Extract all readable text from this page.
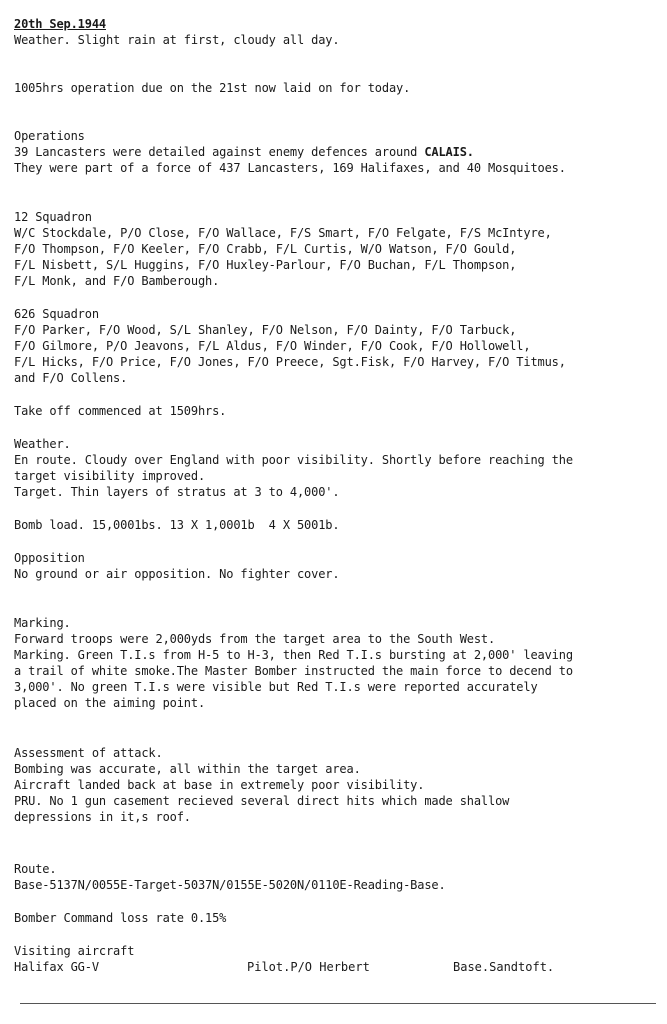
20th Sep.1944
Weather. Slight rain at first, cloudy all day.
1005hrs operation due on the 21st now laid on for today.
Operations
39 Lancasters were detailed against enemy defences around CALAIS.
They were part of a force of 437 Lancasters, 169 Halifaxes, and 40 Mosquitoes.
12 Squadron
W/C Stockdale, P/O Close, F/O Wallace, F/S Smart, F/O Felgate, F/S McIntyre,
F/O Thompson, F/O Keeler, F/O Crabb, F/L Curtis, W/O Watson, F/O Gould,
F/L Nisbett, S/L Huggins, F/O Huxley-Parlour, F/O Buchan, F/L Thompson,
F/L Monk, and F/O Bamberough.
626 Squadron
F/O Parker, F/O Wood, S/L Shanley, F/O Nelson, F/O Dainty, F/O Tarbuck,
F/O Gilmore, P/O Jeavons, F/L Aldus, F/O Winder, F/O Cook, F/O Hollowell,
F/L Hicks, F/O Price, F/O Jones, F/O Preece, Sgt.Fisk, F/O Harvey, F/O Titmus,
and F/O Collens.
Take off commenced at 1509hrs.
Weather.
En route. Cloudy over England with poor visibility. Shortly before reaching the
target visibility improved.
Target. Thin layers of stratus at 3 to 4,000'.
Bomb load. 15,0001bs. 13 X 1,0001b  4 X 5001b.
Opposition
No ground or air opposition. No fighter cover.
Marking.
Forward troops were 2,000yds from the target area to the South West.
Marking. Green T.I.s from H-5 to H-3, then Red T.I.s bursting at 2,000' leaving
a trail of white smoke.The Master Bomber instructed the main force to decend to
3,000'. No green T.I.s were visible but Red T.I.s were reported accurately
placed on the aiming point.
Assessment of attack.
Bombing was accurate, all within the target area.
Aircraft landed back at base in extremely poor visibility.
PRU. No 1 gun casement recieved several direct hits which made shallow
depressions in it,s roof.
Route.
Base-5137N/0055E-Target-5037N/0155E-5020N/0110E-Reading-Base.
Bomber Command loss rate 0.15%
Visiting aircraft
Halifax GG-V	Pilot.P/O Herbert	Base.Sandtoft.
